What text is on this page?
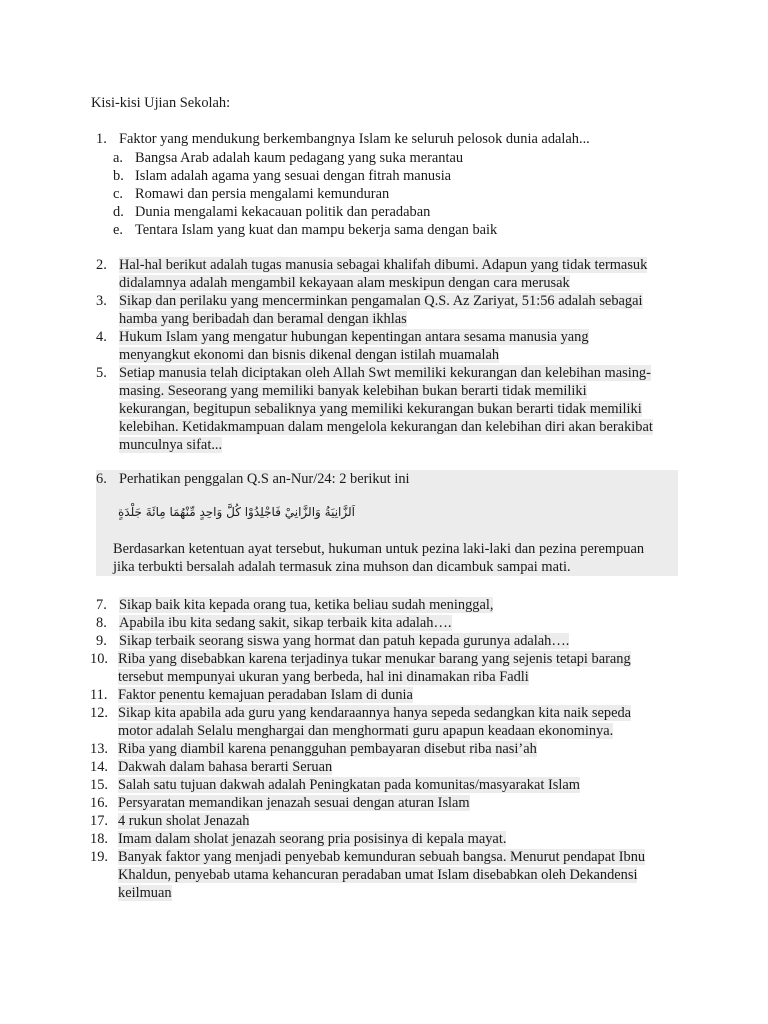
Kisi-kisi Ujian Sekolah:
1. Faktor yang mendukung berkembangnya Islam ke seluruh pelosok dunia adalah...
a. Bangsa Arab adalah kaum pedagang yang suka merantau
b. Islam adalah agama yang sesuai dengan fitrah manusia
c. Romawi dan persia mengalami kemunduran
d. Dunia mengalami kekacauan politik dan peradaban
e. Tentara Islam yang kuat dan mampu bekerja sama dengan baik
2. Hal-hal berikut adalah tugas manusia sebagai khalifah dibumi. Adapun yang tidak termasuk
didalamnya adalah mengambil kekayaan alam meskipun dengan cara merusak
3. Sikap dan perilaku yang mencerminkan pengamalan Q.S. Az Zariyat, 51:56 adalah sebagai
hamba yang beribadah dan beramal dengan ikhlas
4. Hukum Islam yang mengatur hubungan kepentingan antara sesama manusia yang
menyangkut ekonomi dan bisnis dikenal dengan istilah muamalah
5. Setiap manusia telah diciptakan oleh Allah Swt memiliki kekurangan dan kelebihan masing-
masing. Seseorang yang memiliki banyak kelebihan bukan berarti tidak memiliki
kekurangan, begitupun sebaliknya yang memiliki kekurangan bukan berarti tidak memiliki
kelebihan. Ketidakmampuan dalam mengelola kekurangan dan kelebihan diri akan berakibat
munculnya sifat...
6. Perhatikan penggalan Q.S an-Nur/24: 2 berikut ini
اَلزَّانِيَةُ وَالزَّانِيْ فَاجْلِدُوْا كُلَّ وَاحِدٍ مِّنْهُمَا مِائَةَ جَلْدَةٍ
Berdasarkan ketentuan ayat tersebut, hukuman untuk pezina laki-laki dan pezina perempuan
jika terbukti bersalah adalah termasuk zina muhson dan dicambuk sampai mati.
7. Sikap baik kita kepada orang tua, ketika beliau sudah meninggal,
8. Apabila ibu kita sedang sakit, sikap terbaik kita adalah….
9. Sikap terbaik seorang siswa yang hormat dan patuh kepada gurunya adalah….
10. Riba yang disebabkan karena terjadinya tukar menukar barang yang sejenis tetapi barang
tersebut mempunyai ukuran yang berbeda, hal ini dinamakan riba Fadli
11. Faktor penentu kemajuan peradaban Islam di dunia
12. Sikap kita apabila ada guru yang kendaraannya hanya sepeda sedangkan kita naik sepeda
motor adalah Selalu menghargai dan menghormati guru apapun keadaan ekonominya.
13. Riba yang diambil karena penangguhan pembayaran disebut riba nasi’ah
14. Dakwah dalam bahasa berarti Seruan
15. Salah satu tujuan dakwah adalah Peningkatan pada komunitas/masyarakat Islam
16. Persyaratan memandikan jenazah sesuai dengan aturan Islam
17. 4 rukun sholat Jenazah
18. Imam dalam sholat jenazah seorang pria posisinya di kepala mayat.
19. Banyak faktor yang menjadi penyebab kemunduran sebuah bangsa. Menurut pendapat Ibnu
Khaldun, penyebab utama kehancuran peradaban umat Islam disebabkan oleh Dekandensi
keilmuan
